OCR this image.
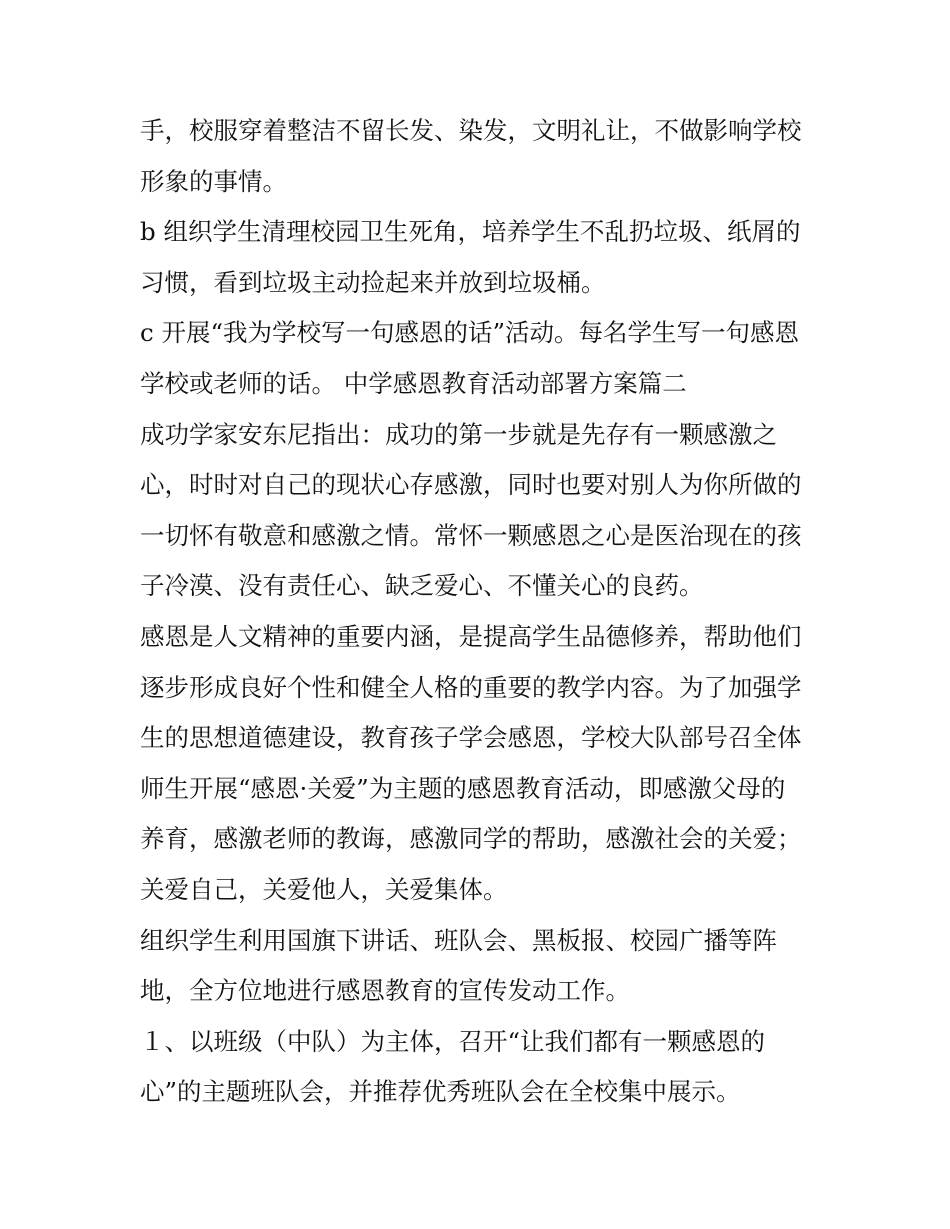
手，校服穿着整洁不留长发、染发，文明礼让，不做影响学校
形象的事情。
b 组织学生清理校园卫生死角，培养学生不乱扔垃圾、纸屑的
习惯，看到垃圾主动捡起来并放到垃圾桶。
c 开展“我为学校写一句感恩的话”活动。每名学生写一句感恩
学校或老师的话。 中学感恩教育活动部署方案篇二
成功学家安东尼指出：成功的第一步就是先存有一颗感激之
心，时时对自己的现状心存感激，同时也要对别人为你所做的
一切怀有敬意和感激之情。常怀一颗感恩之心是医治现在的孩
子冷漠、没有责任心、缺乏爱心、不懂关心的良药。
感恩是人文精神的重要内涵，是提高学生品德修养，帮助他们
逐步形成良好个性和健全人格的重要的教学内容。为了加强学
生的思想道德建设，教育孩子学会感恩，学校大队部号召全体
师生开展“感恩·关爱”为主题的感恩教育活动，即感激父母的
养育，感激老师的教诲，感激同学的帮助，感激社会的关爱；
关爱自己，关爱他人，关爱集体。
组织学生利用国旗下讲话、班队会、黑板报、校园广播等阵
地，全方位地进行感恩教育的宣传发动工作。
１、以班级（中队）为主体，召开“让我们都有一颗感恩的
心”的主题班队会，并推荐优秀班队会在全校集中展示。
